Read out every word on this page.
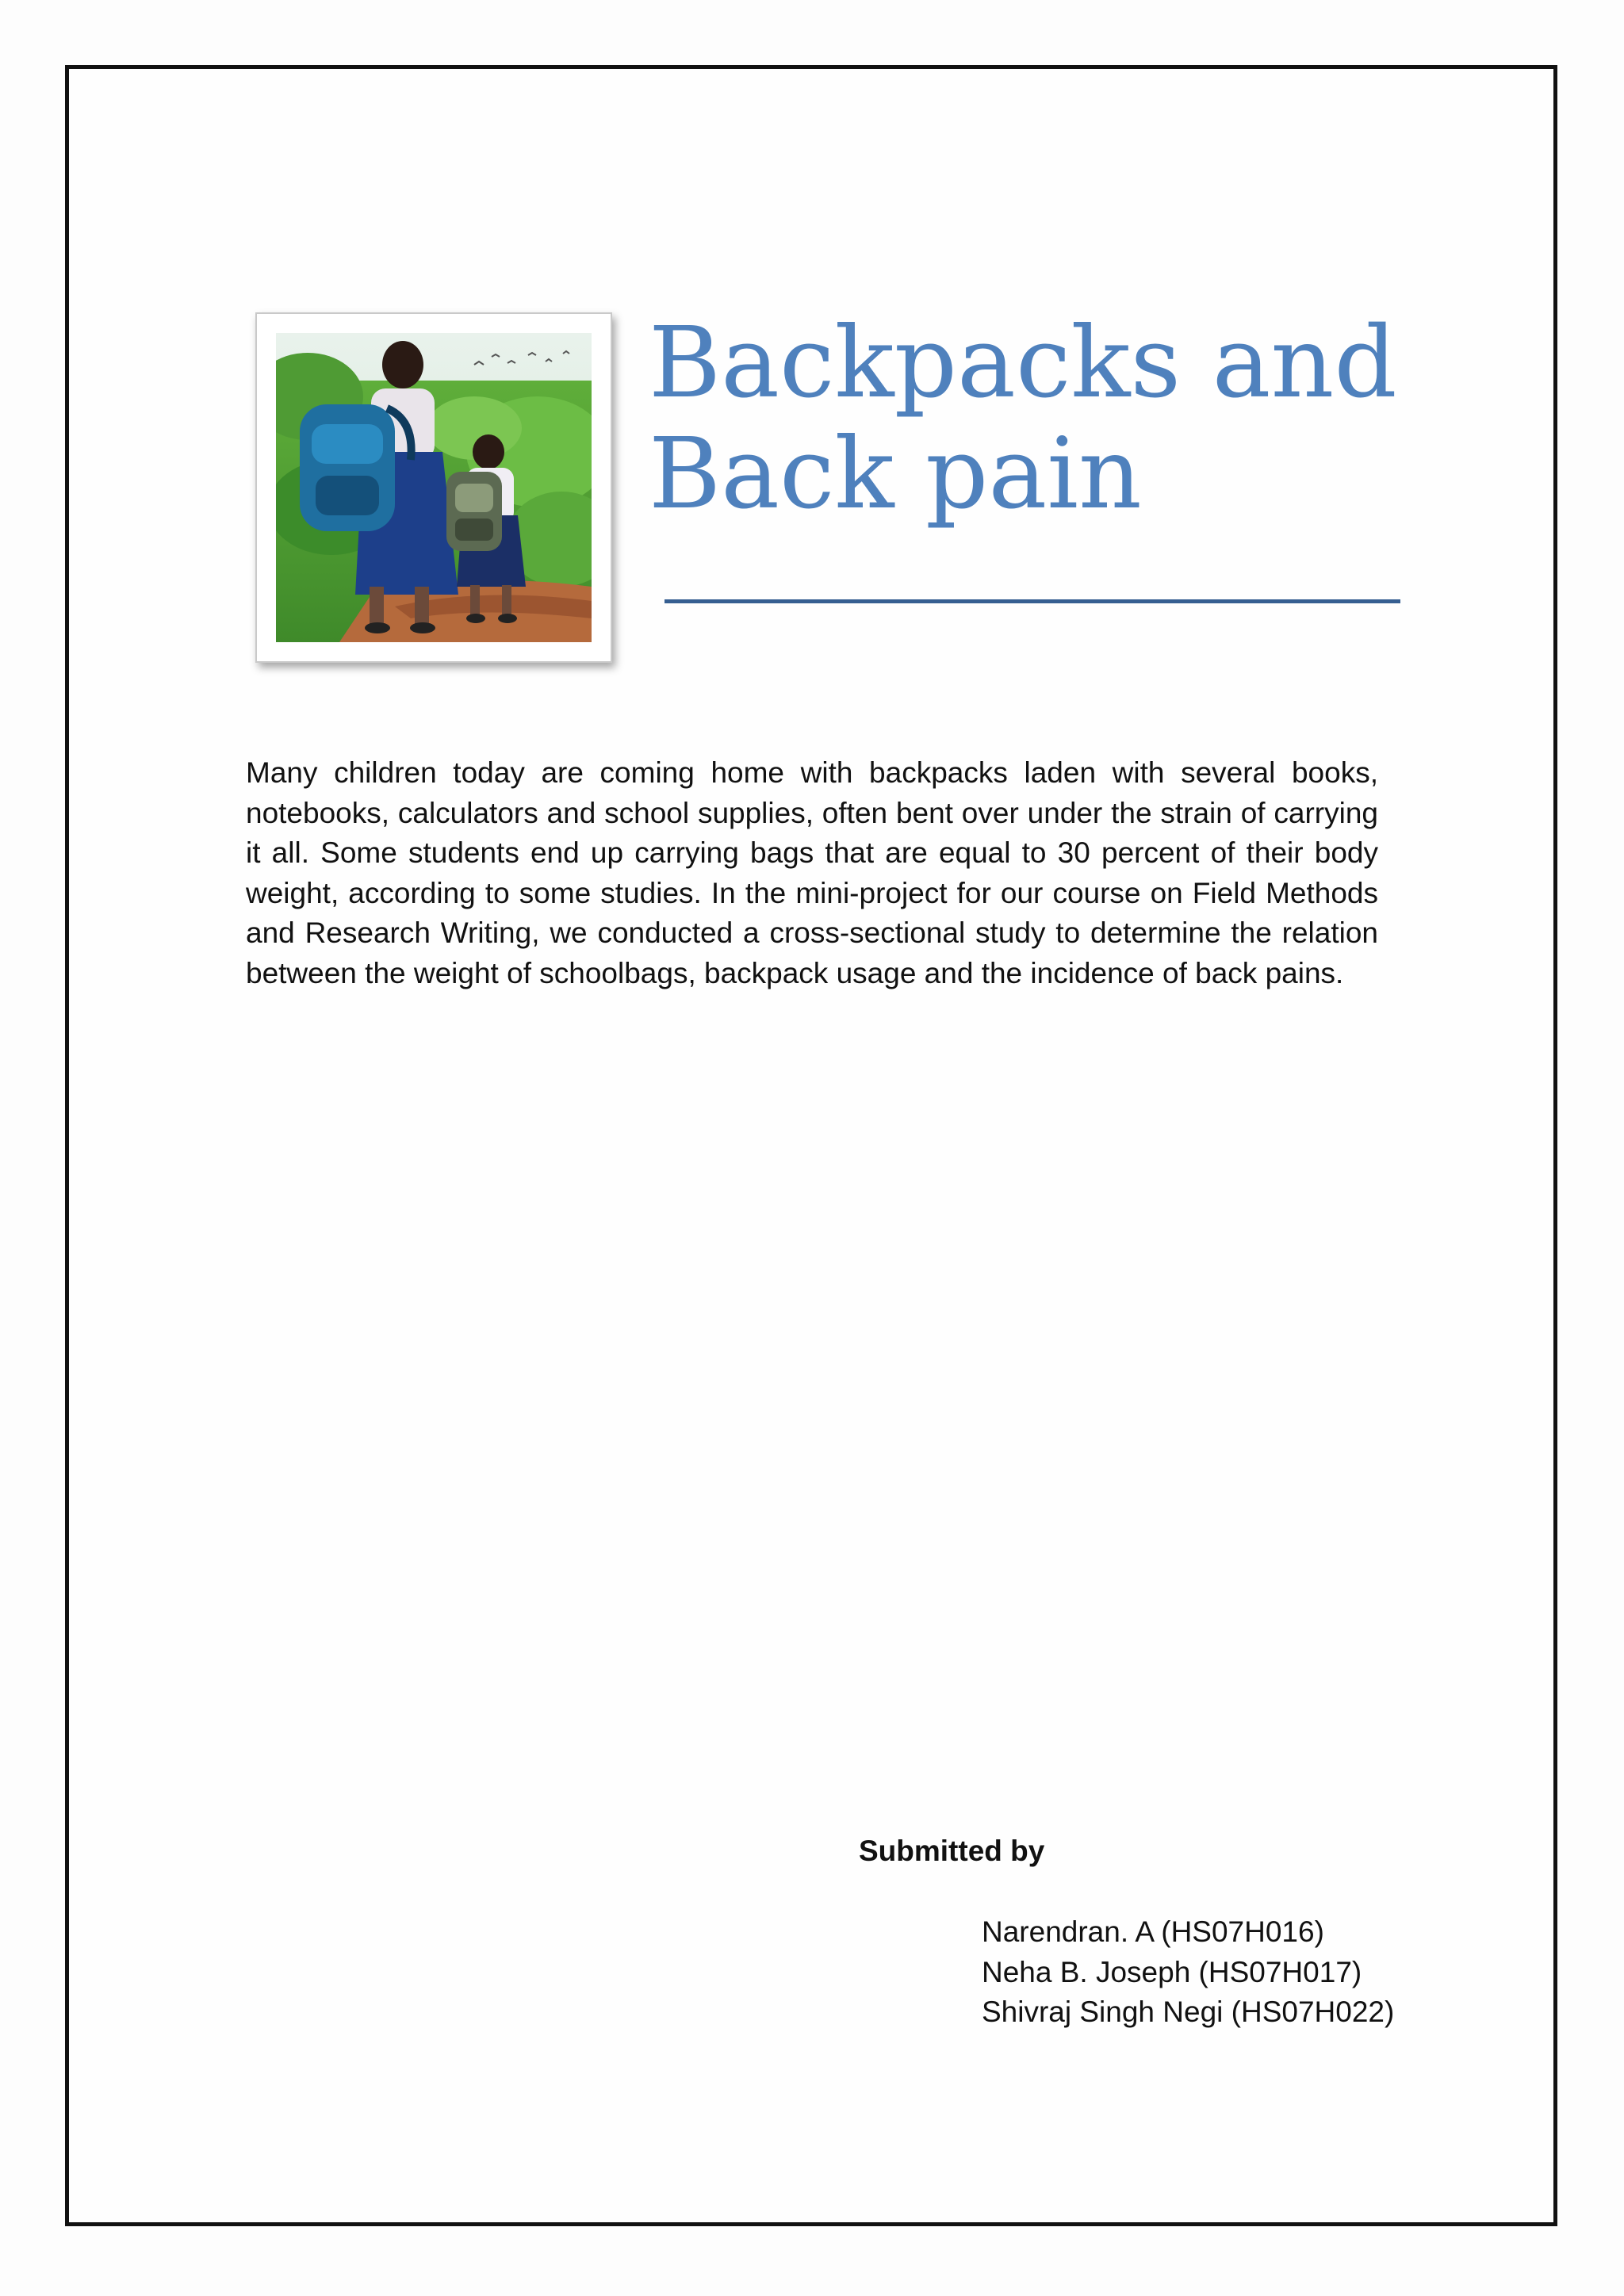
Backpacks and
Back pain

Many children today are coming home with backpacks laden with several books, notebooks, calculators and school supplies, often bent over under the strain of carrying it all. Some students end up carrying bags that are equal to 30 percent of their body weight, according to some studies. In the mini-project for our course on Field Methods and Research Writing, we conducted a cross-sectional study to determine the relation between the weight of schoolbags, backpack usage and the incidence of back pains.

Submitted by
Narendran. A (HS07H016)
Neha B. Joseph (HS07H017)
Shivraj Singh Negi (HS07H022)
